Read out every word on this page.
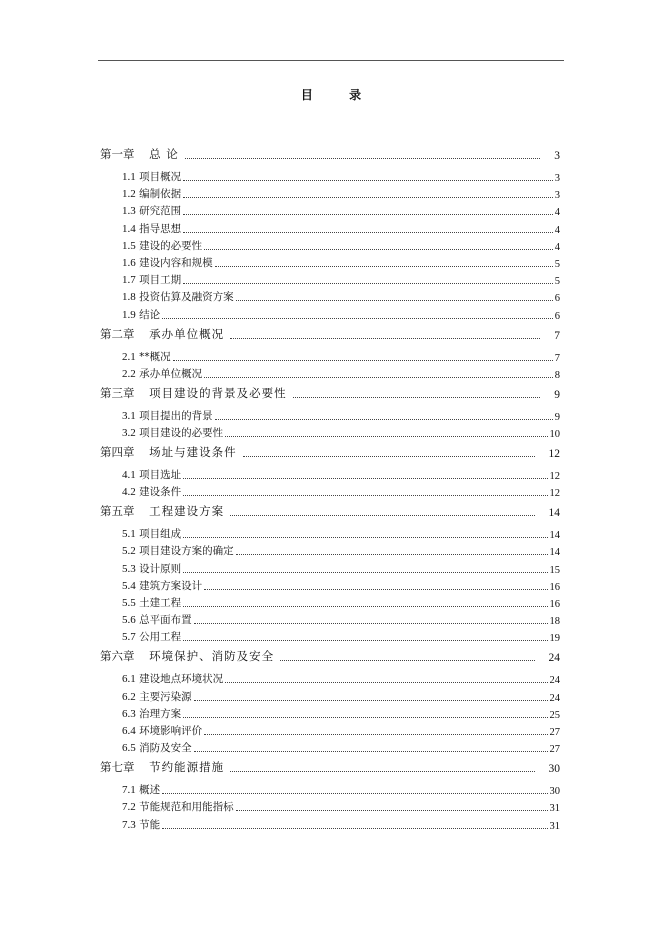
目 录
第一章 总 论	3
1.1 项目概况	3
1.2 编制依据	3
1.3 研究范围	4
1.4 指导思想	4
1.5 建设的必要性	4
1.6 建设内容和规模	5
1.7 项目工期	5
1.8 投资估算及融资方案	6
1.9 结论	6
第二章 承办单位概况	7
2.1 **概况	7
2.2 承办单位概况	8
第三章 项目建设的背景及必要性	9
3.1 项目提出的背景	9
3.2 项目建设的必要性	10
第四章 场址与建设条件	12
4.1 项目选址	12
4.2 建设条件	12
第五章 工程建设方案	14
5.1 项目组成	14
5.2 项目建设方案的确定	14
5.3 设计原则	15
5.4 建筑方案设计	16
5.5 土建工程	16
5.6 总平面布置	18
5.7 公用工程	19
第六章 环境保护、消防及安全	24
6.1 建设地点环境状况	24
6.2 主要污染源	24
6.3 治理方案	25
6.4 环境影响评价	27
6.5 消防及安全	27
第七章 节约能源措施	30
7.1 概述	30
7.2 节能规范和用能指标	31
7.3 节能	31
